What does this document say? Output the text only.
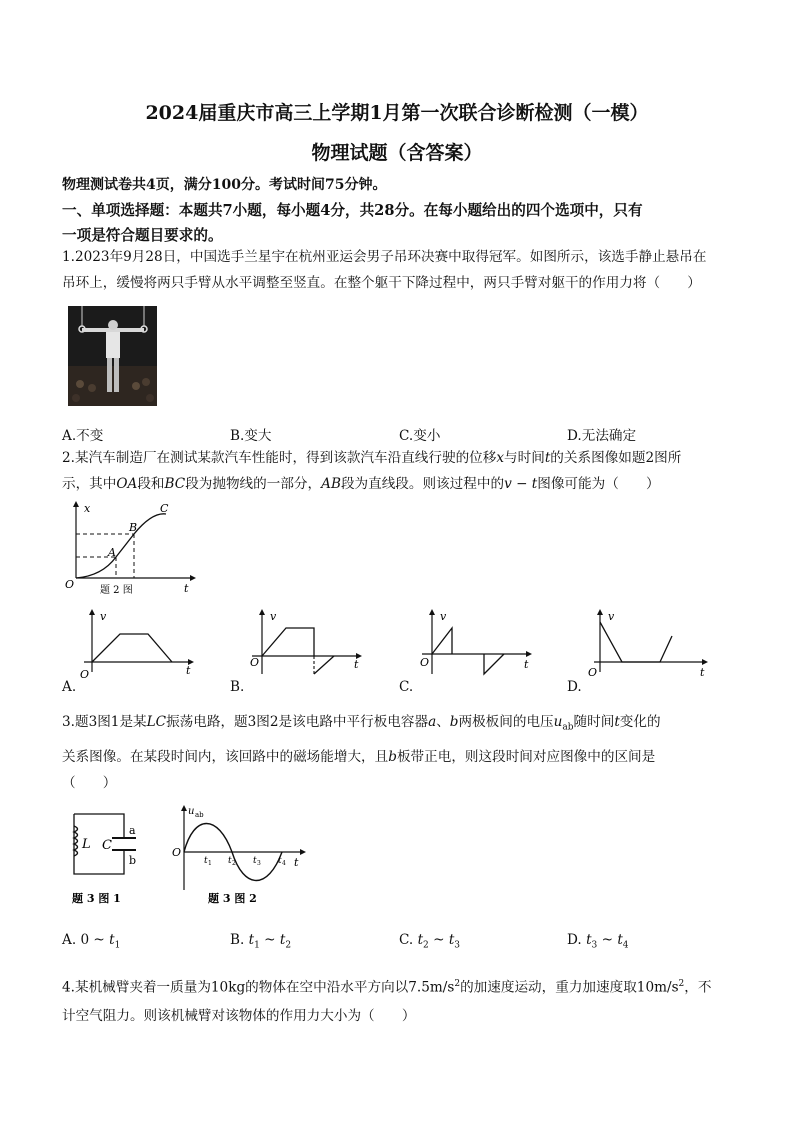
2024届重庆市高三上学期1月第一次联合诊断检测（一模）
物理试题（含答案）
物理测试卷共4页，满分100分。考试时间75分钟。
一、单项选择题：本题共7小题，每小题4分，共28分。在每小题给出的四个选项中，只有
一项是符合题目要求的。
1.2023年9月28日，中国选手兰星宇在杭州亚运会男子吊环决赛中取得冠军。如图所示，该选手静止悬吊在
吊环上，缓慢将两只手臂从水平调整至竖直。在整个躯干下降过程中，两只手臂对躯干的作用力将（　　）
A.不变	B.变大	C.变小	D.无法确定
2.某汽车制造厂在测试某款汽车性能时，得到该款汽车沿直线行驶的位移x与时间t的关系图像如题2图所
示，其中OA段和BC段为抛物线的一部分，AB段为直线段。则该过程中的v − t图像可能为（　　）
x
t
O
A
B
C
题 2 图
v
t
O
v
t
O
v
t
O
v
t
O
A.	B.	C.	D.
3.题3图1是某LC振荡电路，题3图2是该电路中平行板电容器a、b两极板间的电压$u_{ab}$随时间t变化的
关系图像。在某段时间内，该回路中的磁场能增大，且b板带正电，则这段时间对应图像中的区间是
（　　）
L C
a
b
题 3 图 1
u ab
O
t 1 t 2 t 3 t 4 t
题 3 图 2
A. 0 ~ $t_1$	B. $t_1$ ~ $t_2$	C. $t_2$ ~ $t_3$	D. $t_3$ ~ $t_4$
4.某机械臂夹着一质量为10kg的物体在空中沿水平方向以$7.5m/s^2$的加速度运动，重力加速度取$10m/s^2$，不
计空气阻力。则该机械臂对该物体的作用力大小为（　　）
